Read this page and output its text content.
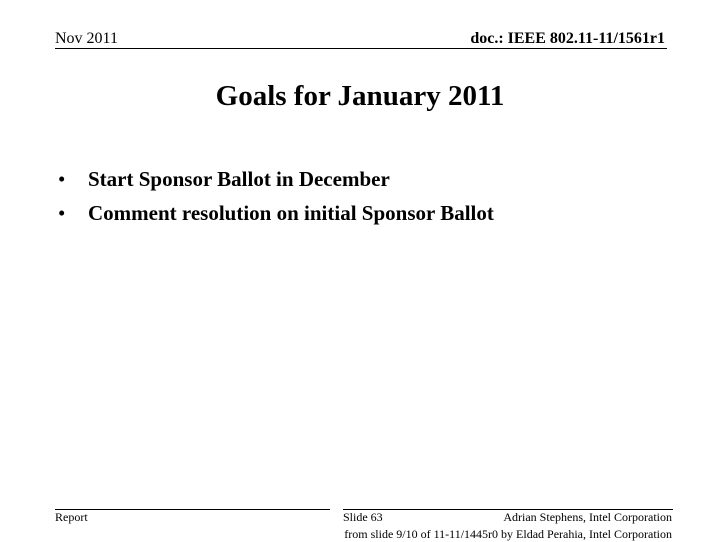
Nov 2011	doc.: IEEE 802.11-11/1561r1
Goals for January 2011
• Start Sponsor Ballot in December
• Comment resolution on initial Sponsor Ballot
Report	Slide 63	Adrian Stephens, Intel Corporation
from slide 9/10 of 11-11/1445r0 by Eldad Perahia, Intel Corporation
